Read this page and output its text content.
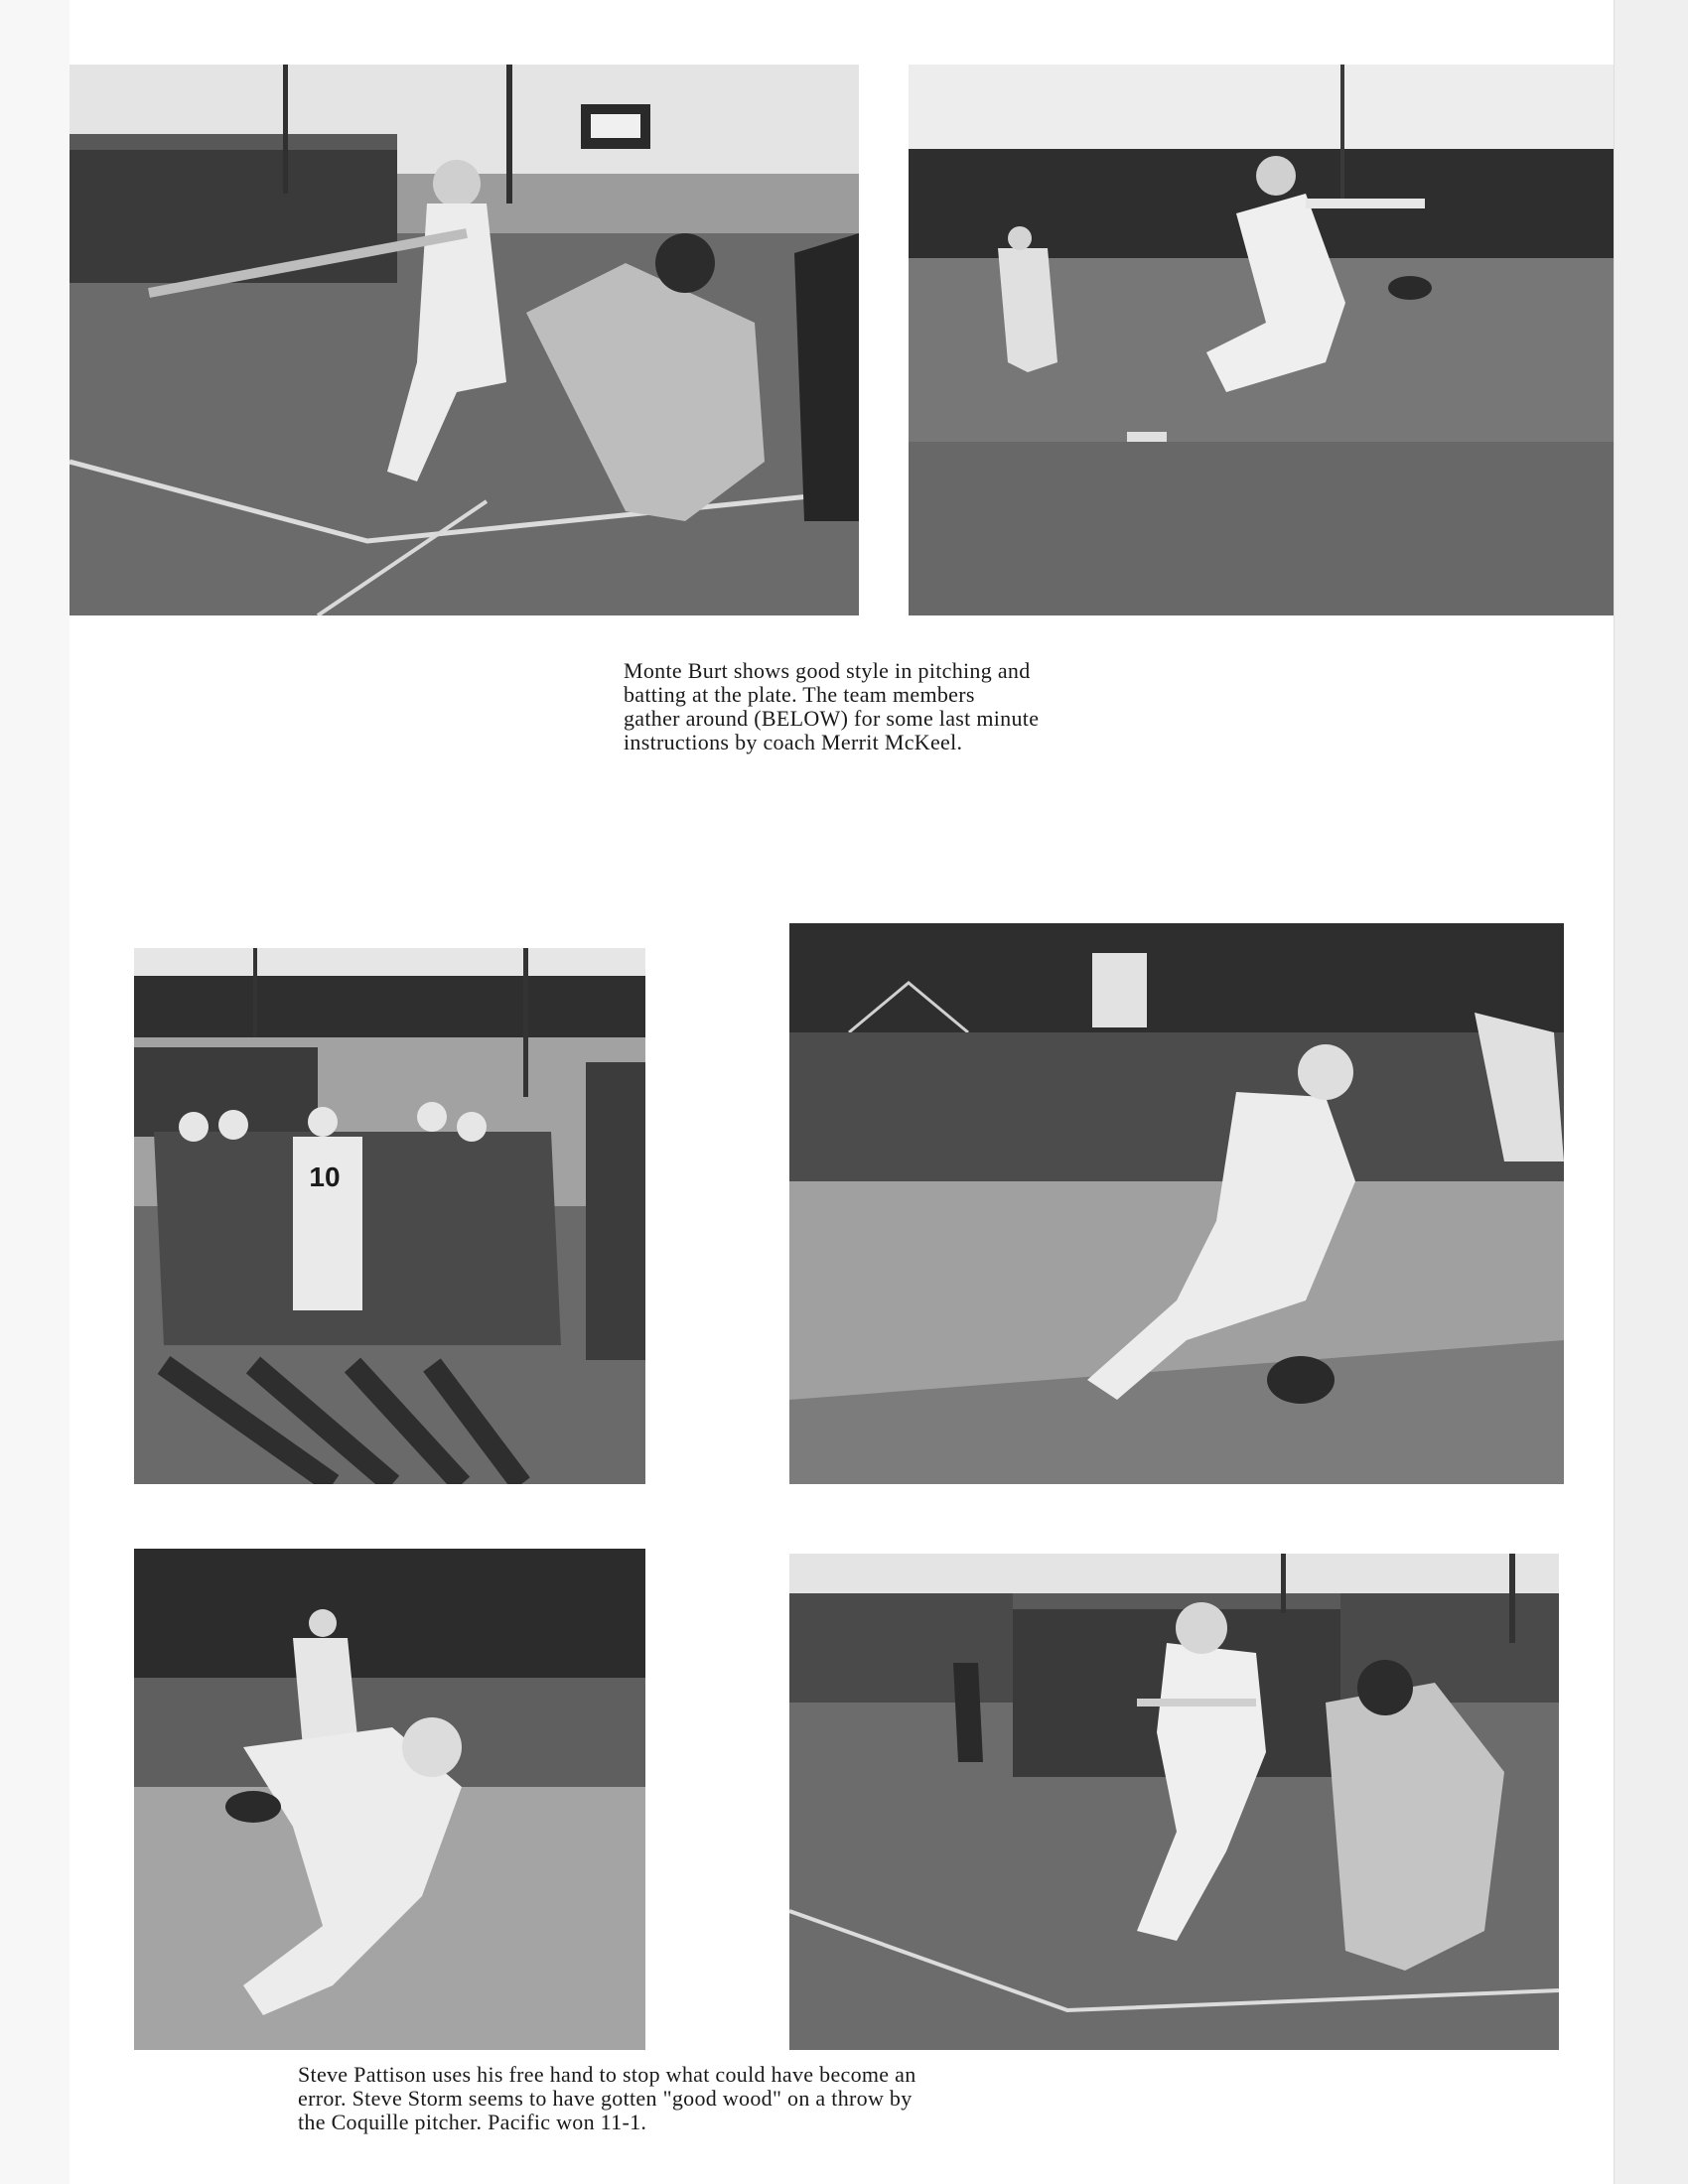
Monte Burt shows good style in pitching and
batting at the plate. The team members
gather around (BELOW) for some last minute
instructions by coach Merrit McKeel.

10

Steve Pattison uses his free hand to stop what could have become an
error. Steve Storm seems to have gotten "good wood" on a throw by
the Coquille pitcher. Pacific won 11-1.
